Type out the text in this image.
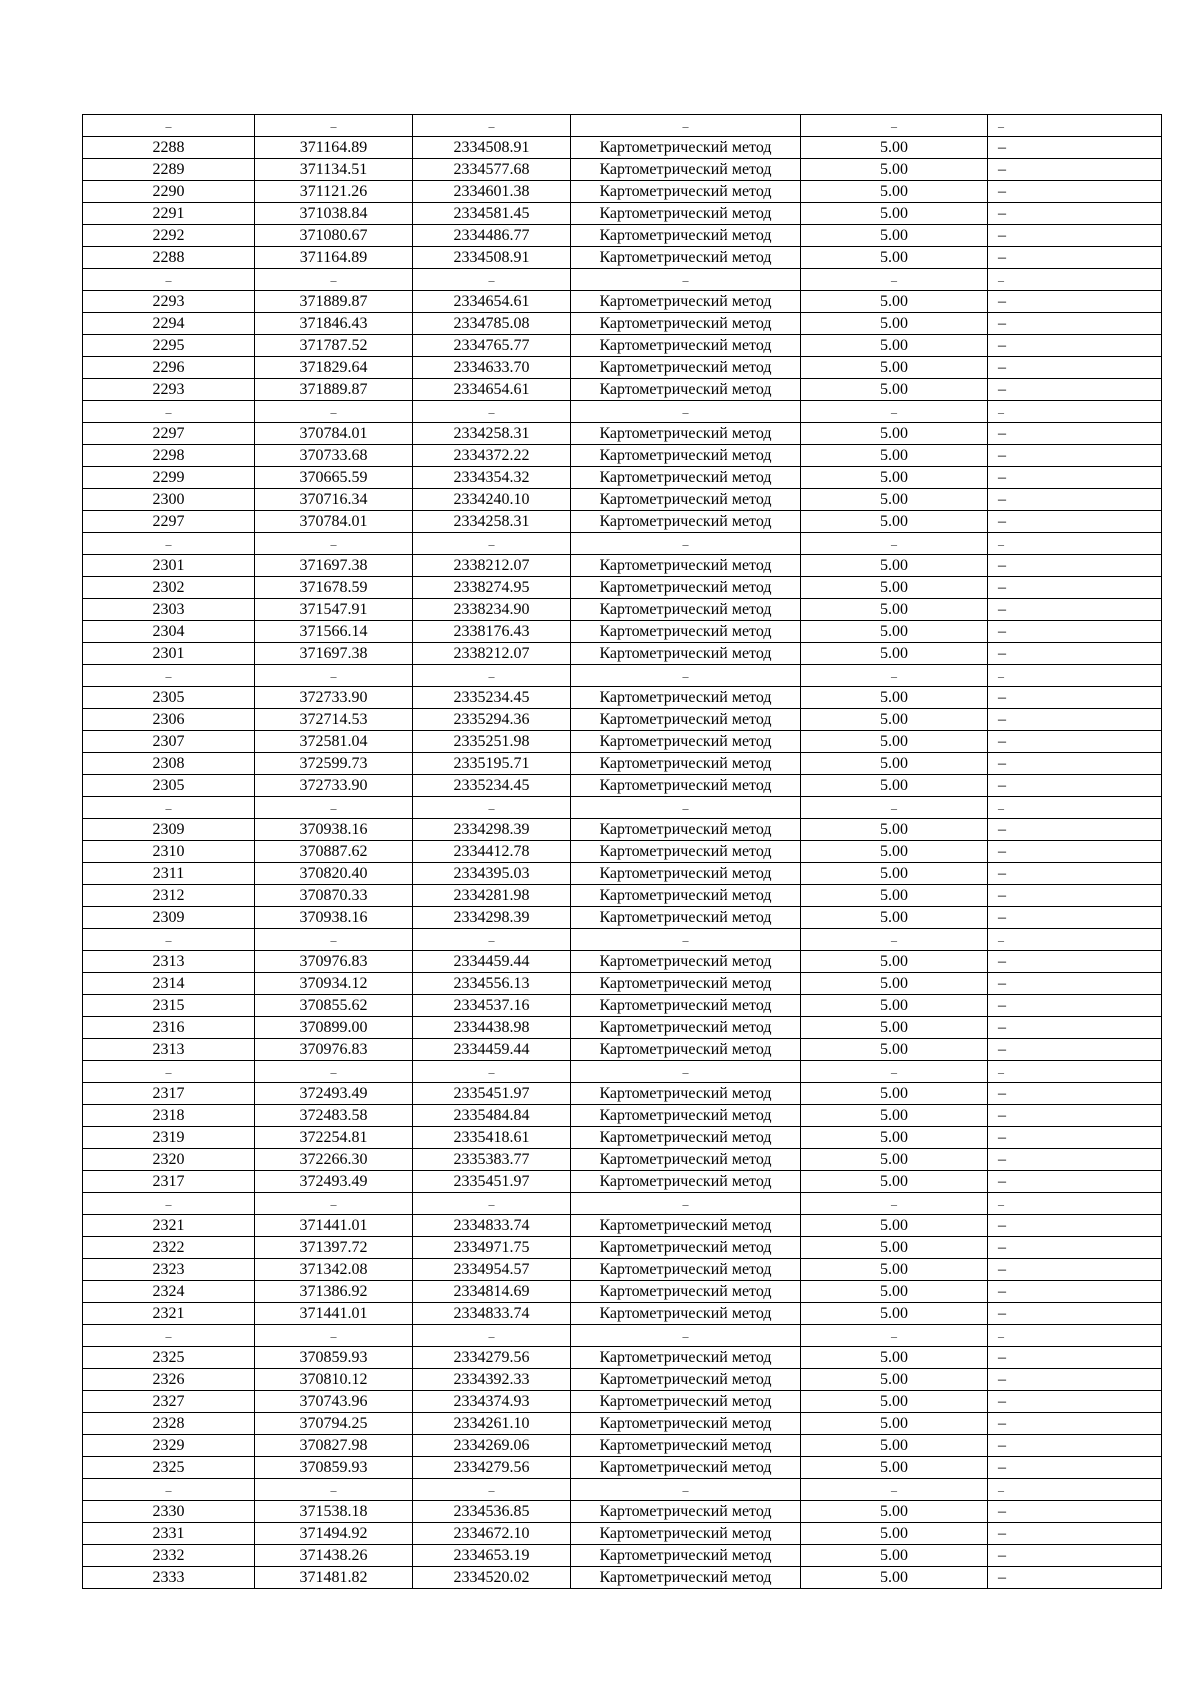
–	–	–	–	–	–
2288	371164.89	2334508.91	Картометрический метод	5.00	–
2289	371134.51	2334577.68	Картометрический метод	5.00	–
2290	371121.26	2334601.38	Картометрический метод	5.00	–
2291	371038.84	2334581.45	Картометрический метод	5.00	–
2292	371080.67	2334486.77	Картометрический метод	5.00	–
2288	371164.89	2334508.91	Картометрический метод	5.00	–
–	–	–	–	–	–
2293	371889.87	2334654.61	Картометрический метод	5.00	–
2294	371846.43	2334785.08	Картометрический метод	5.00	–
2295	371787.52	2334765.77	Картометрический метод	5.00	–
2296	371829.64	2334633.70	Картометрический метод	5.00	–
2293	371889.87	2334654.61	Картометрический метод	5.00	–
–	–	–	–	–	–
2297	370784.01	2334258.31	Картометрический метод	5.00	–
2298	370733.68	2334372.22	Картометрический метод	5.00	–
2299	370665.59	2334354.32	Картометрический метод	5.00	–
2300	370716.34	2334240.10	Картометрический метод	5.00	–
2297	370784.01	2334258.31	Картометрический метод	5.00	–
–	–	–	–	–	–
2301	371697.38	2338212.07	Картометрический метод	5.00	–
2302	371678.59	2338274.95	Картометрический метод	5.00	–
2303	371547.91	2338234.90	Картометрический метод	5.00	–
2304	371566.14	2338176.43	Картометрический метод	5.00	–
2301	371697.38	2338212.07	Картометрический метод	5.00	–
–	–	–	–	–	–
2305	372733.90	2335234.45	Картометрический метод	5.00	–
2306	372714.53	2335294.36	Картометрический метод	5.00	–
2307	372581.04	2335251.98	Картометрический метод	5.00	–
2308	372599.73	2335195.71	Картометрический метод	5.00	–
2305	372733.90	2335234.45	Картометрический метод	5.00	–
–	–	–	–	–	–
2309	370938.16	2334298.39	Картометрический метод	5.00	–
2310	370887.62	2334412.78	Картометрический метод	5.00	–
2311	370820.40	2334395.03	Картометрический метод	5.00	–
2312	370870.33	2334281.98	Картометрический метод	5.00	–
2309	370938.16	2334298.39	Картометрический метод	5.00	–
–	–	–	–	–	–
2313	370976.83	2334459.44	Картометрический метод	5.00	–
2314	370934.12	2334556.13	Картометрический метод	5.00	–
2315	370855.62	2334537.16	Картометрический метод	5.00	–
2316	370899.00	2334438.98	Картометрический метод	5.00	–
2313	370976.83	2334459.44	Картометрический метод	5.00	–
–	–	–	–	–	–
2317	372493.49	2335451.97	Картометрический метод	5.00	–
2318	372483.58	2335484.84	Картометрический метод	5.00	–
2319	372254.81	2335418.61	Картометрический метод	5.00	–
2320	372266.30	2335383.77	Картометрический метод	5.00	–
2317	372493.49	2335451.97	Картометрический метод	5.00	–
–	–	–	–	–	–
2321	371441.01	2334833.74	Картометрический метод	5.00	–
2322	371397.72	2334971.75	Картометрический метод	5.00	–
2323	371342.08	2334954.57	Картометрический метод	5.00	–
2324	371386.92	2334814.69	Картометрический метод	5.00	–
2321	371441.01	2334833.74	Картометрический метод	5.00	–
–	–	–	–	–	–
2325	370859.93	2334279.56	Картометрический метод	5.00	–
2326	370810.12	2334392.33	Картометрический метод	5.00	–
2327	370743.96	2334374.93	Картометрический метод	5.00	–
2328	370794.25	2334261.10	Картометрический метод	5.00	–
2329	370827.98	2334269.06	Картометрический метод	5.00	–
2325	370859.93	2334279.56	Картометрический метод	5.00	–
–	–	–	–	–	–
2330	371538.18	2334536.85	Картометрический метод	5.00	–
2331	371494.92	2334672.10	Картометрический метод	5.00	–
2332	371438.26	2334653.19	Картометрический метод	5.00	–
2333	371481.82	2334520.02	Картометрический метод	5.00	–
